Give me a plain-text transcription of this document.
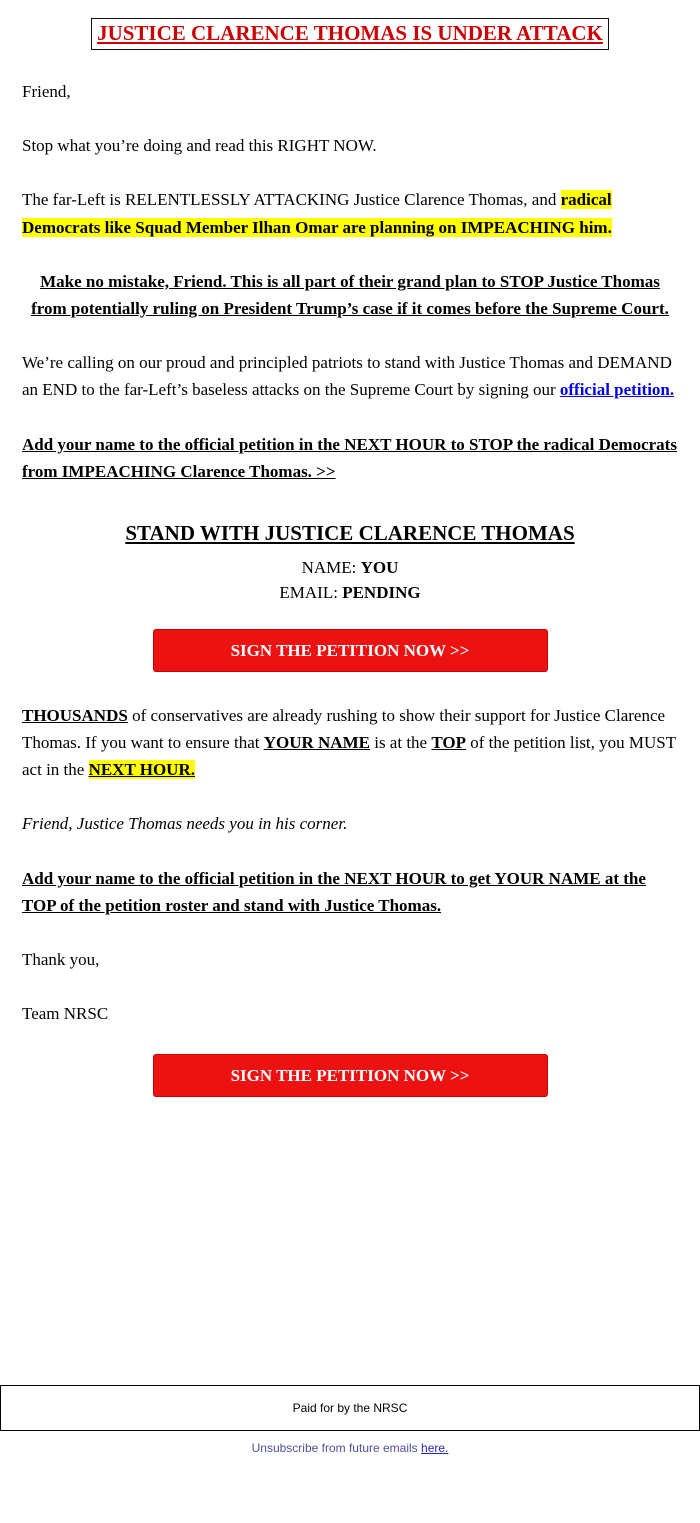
JUSTICE CLARENCE THOMAS IS UNDER ATTACK

Friend,

Stop what you’re doing and read this RIGHT NOW.

The far-Left is RELENTLESSLY ATTACKING Justice Clarence Thomas, and radical Democrats like Squad Member Ilhan Omar are planning on IMPEACHING him.

Make no mistake, Friend. This is all part of their grand plan to STOP Justice Thomas from potentially ruling on President Trump’s case if it comes before the Supreme Court.

We’re calling on our proud and principled patriots to stand with Justice Thomas and DEMAND an END to the far-Left’s baseless attacks on the Supreme Court by signing our official petition.

Add your name to the official petition in the NEXT HOUR to STOP the radical Democrats from IMPEACHING Clarence Thomas. >>

STAND WITH JUSTICE CLARENCE THOMAS
NAME: YOU
EMAIL: PENDING
SIGN THE PETITION NOW >>

THOUSANDS of conservatives are already rushing to show their support for Justice Clarence Thomas. If you want to ensure that YOUR NAME is at the TOP of the petition list, you MUST act in the NEXT HOUR.

Friend, Justice Thomas needs you in his corner.

Add your name to the official petition in the NEXT HOUR to get YOUR NAME at the TOP of the petition roster and stand with Justice Thomas.

Thank you,

Team NRSC

SIGN THE PETITION NOW >>
Paid for by the NRSC
Unsubscribe from future emails here.
